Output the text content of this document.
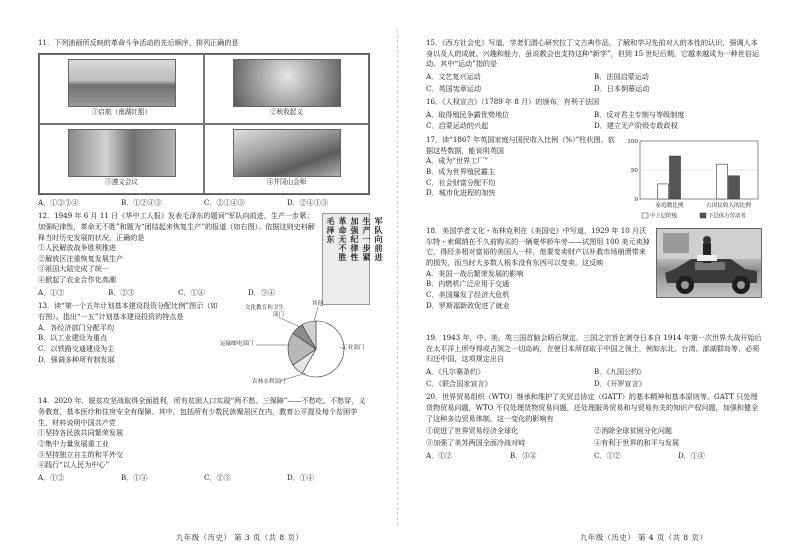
11．下列油画所反映的革命斗争活动的先后顺序，排列正确的是

①启航（南湖红船）	②秋收起义
③遵义会议	④井冈山会师
A．①②③④	B．①②④③	C．②①④③	D．②④①③

12．1949 年 6 月 11 日《华中工人报》发表毛泽东的题词“军队向前进，生产一步紧；加强纪律性，革命无不胜”和题为“团结起来恢复生产”的报道（如右图）。依据这则史料解释当时历史发展的状况，正确的是

①人民解放战争胜利推进
②解放区注重恢复发展生产
③祖国大陆完成了统一
④掀起了农业合作化高潮
A．①②	B．②③	C．①④	D．③④
军队向前进
生产一步紧
加强纪律性
革命无不胜
毛泽东

13．读“第一个五年计划基本建设投资分配比例”图示（如右图）。指出“一五”计划基本建设投资的特点是

A．各经济部门分配平均
B．以工业建设为重点
C．以铁路交通建设为主
D．强调多种所有制发展
其他
文化教育和卫生部门
运输邮电部门
农林水利部门
工业部门

14．2020 年，脱贫攻坚战取得全面胜利，所有贫困人口实现“两不愁、三保障”——不愁吃、不愁穿，义务教育、基本医疗和住房安全有保障。其中，包括所有少数民族聚居区在内，教育公平提及每个贫困学生，材料说明中国共产党

①坚持各民族共同繁荣发展
②集中力量发展重工业
③坚持独立自主的和平外交
④践行“以人民为中心”
A．①②	B．①④	C．②③	D．①④
九年级（历史） 第 3 页（共 8 页）

15．《西方社会史》写道，学者们潜心研究拉丁文古典作品，了解和学习先前对人的本性的认识，强调人本身以及人的成就、兴趣和能力，虽说教会也支持这种“新学”，但到 15 世纪后期，它越来越成为一种世俗运动。其中“运动”指的是

A．文艺复兴运动	B．法国启蒙运动
C．英国宪章运动	D．日本倒幕运动

16．《人权宣言》（1789 年 8 月）的颁布，有利于法国

A．取得殖民争霸优势地位	B．反对君主专制与等级制度
C．启蒙运动的兴起	D．建立无产阶级专政政权

17．读“1867 年英国家庭与国民收入比例（%）”柱状图。依据这些数据，能说明英国

A．成为“世界工厂”
B．成为世界殖民霸主
C．社会财富分配不均
D．城市化进程的加快
0
50
100
家庭数比例	占国民收入的比例
中上层阶级	下层体力劳动者

18．美国学者文化・布林克利在《美国史》中写道，1929 年 10 月沃尔特・索佩纳在不久前购买的一辆豪华轿车旁——试图用 100 美元卖掉它，得经多相对富裕的美国人一样，他要变卖财产以补救市场崩溃带来的损失，而当时大多数人根本没有东西可以变卖。这反映

A．美国一战后繁荣发展的影响
B．内燃机广泛应用于交通
C．美国爆发了经济大危机
D．罗斯福新政促进了就业

19．1943 年，中、美、英三国首脑会晤后规定，三国之宗旨在剥夺日本自 1914 年第一次世界大战开始后在太平洋上所夺得或占领之一切岛屿，在使日本所窃取于中国之领土，例如东北、台湾、澎湖群岛等，必须归还中国，这项规定出自

A．《凡尔赛条约》	B．《九国公约》
C．《联合国家宣言》	D．《开罗宣言》

20．世界贸易组织（WTO）继承和维护了关贸总协定（GATT）的基本精神和基本原则等。GATT 只处理货物贸易问题，WTO 不仅处理货物贸易问题，还处理服务贸易和与贸易有关的知识产权问题，加强和健全了这种多边贸易体制。这一变化的影响有

①促进了世界贸易经济全球化	②消除全球贫困分化问题
③加强了美苏两国全面冷战对峙	④有利于世界的和平与发展
A．①②	B．③④	C．①②	D．①④
九年级（历史） 第 4 页（共 8 页）
